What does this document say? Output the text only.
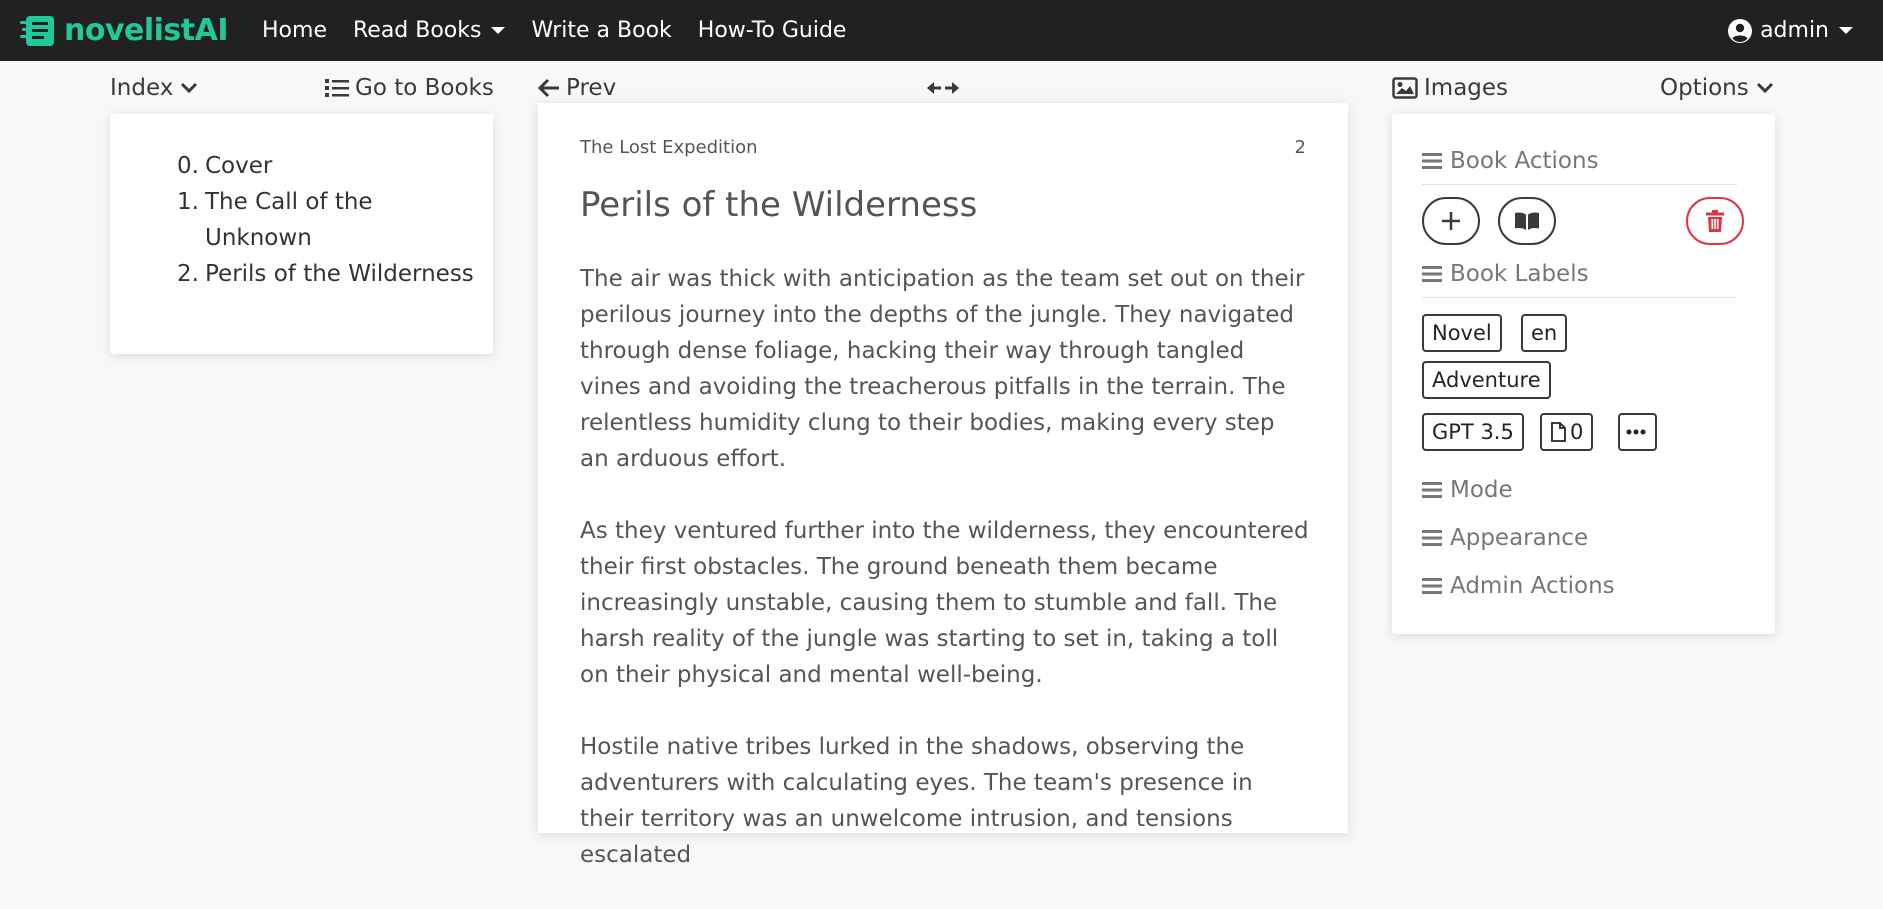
novelistAI Home Read Books Write a Book How-To Guide	admin
Index	Go to Books	Prev	Images	Options
0. Cover
1. The Call of the Unknown
2. Perils of the Wilderness
The Lost Expedition	2
Perils of the Wilderness

The air was thick with anticipation as the team set out on their perilous journey into the depths of the jungle. They navigated through dense foliage, hacking their way through tangled vines and avoiding the treacherous pitfalls in the terrain. The relentless humidity clung to their bodies, making every step an arduous effort.

As they ventured further into the wilderness, they encountered their first obstacles. The ground beneath them became increasingly unstable, causing them to stumble and fall. The harsh reality of the jungle was starting to set in, taking a toll on their physical and mental well-being.

Hostile native tribes lurked in the shadows, observing the adventurers with calculating eyes. The team's presence in their territory was an unwelcome intrusion, and tensions escalated

Book Actions
Book Labels
Novel	en
Adventure
GPT 3.5	0
Mode
Appearance
Admin Actions
